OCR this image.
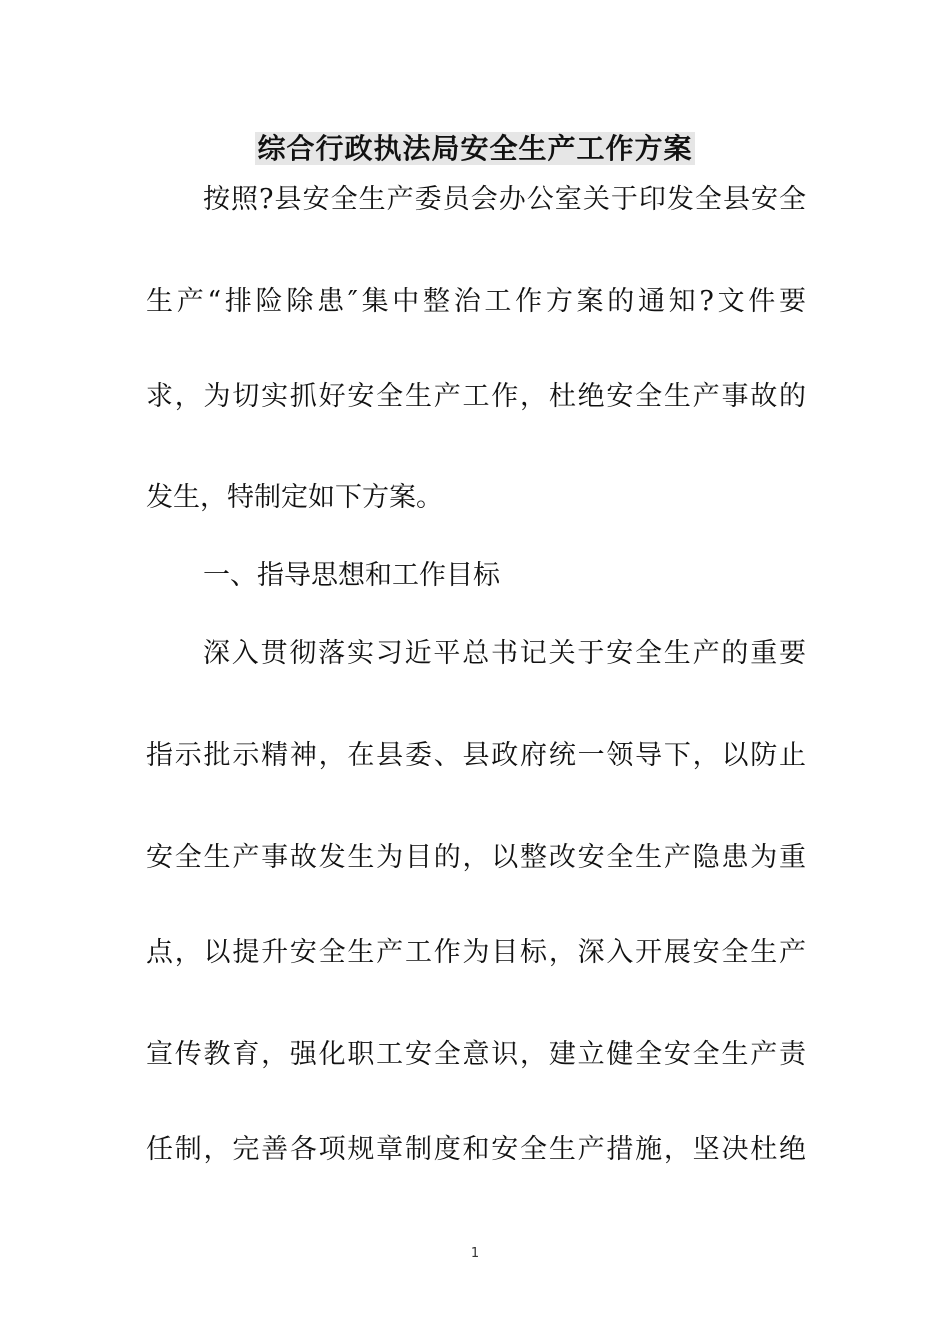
综合行政执法局安全生产工作方案

按照?县安全生产委员会办公室关于印发全县安全

生产“排险除患″集中整治工作方案的通知?文件要

求，为切实抓好安全生产工作，杜绝安全生产事故的

发生，特制定如下方案。

一、指导思想和工作目标

深入贯彻落实习近平总书记关于安全生产的重要

指示批示精神，在县委、县政府统一领导下，以防止

安全生产事故发生为目的，以整改安全生产隐患为重

点，以提升安全生产工作为目标，深入开展安全生产

宣传教育，强化职工安全意识，建立健全安全生产责

任制，完善各项规章制度和安全生产措施，坚决杜绝

1
